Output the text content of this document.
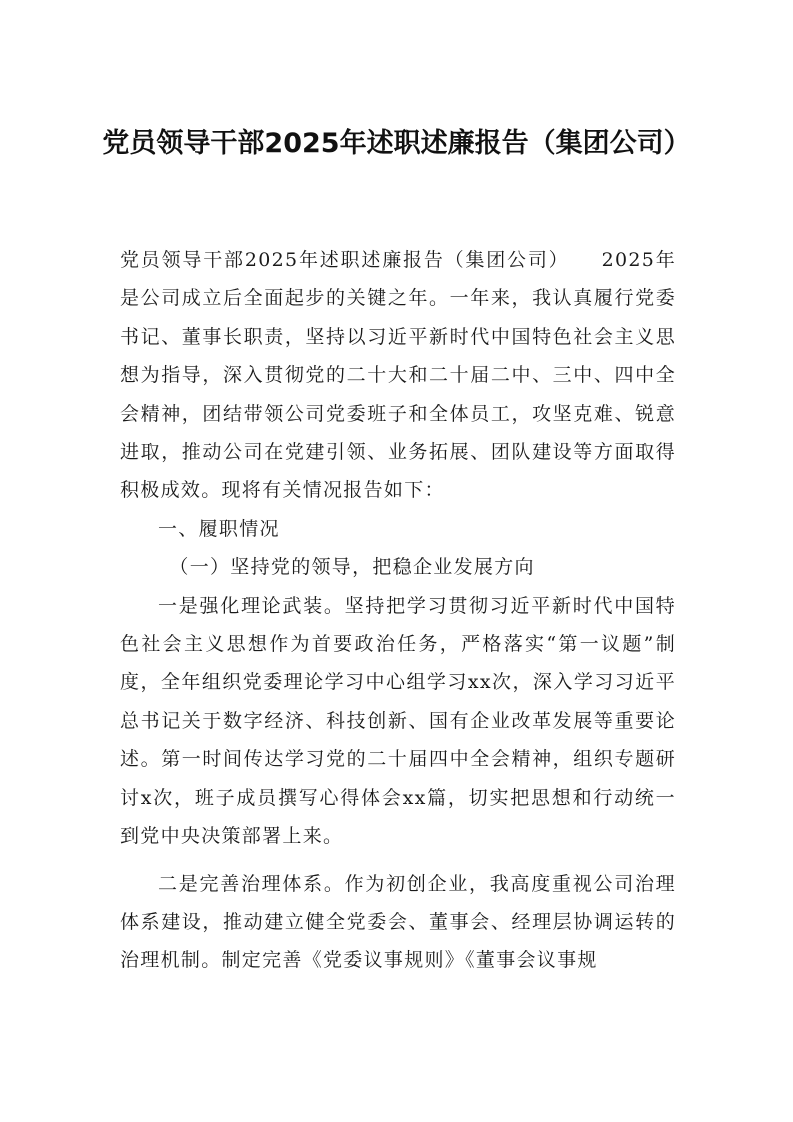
党员领导干部2025年述职述廉报告（集团公司）

党员领导干部2025年述职述廉报告（集团公司）　　2025年是公司成立后全面起步的关键之年。一年来，我认真履行党委书记、董事长职责，坚持以习近平新时代中国特色社会主义思想为指导，深入贯彻党的二十大和二十届二中、三中、四中全会精神，团结带领公司党委班子和全体员工，攻坚克难、锐意进取，推动公司在党建引领、业务拓展、团队建设等方面取得积极成效。现将有关情况报告如下：

一、履职情况

（一）坚持党的领导，把稳企业发展方向

一是强化理论武装。坚持把学习贯彻习近平新时代中国特色社会主义思想作为首要政治任务，严格落实“第一议题”制度，全年组织党委理论学习中心组学习xx次，深入学习习近平总书记关于数字经济、科技创新、国有企业改革发展等重要论述。第一时间传达学习党的二十届四中全会精神，组织专题研讨x次，班子成员撰写心得体会xx篇，切实把思想和行动统一到党中央决策部署上来。

二是完善治理体系。作为初创企业，我高度重视公司治理体系建设，推动建立健全党委会、董事会、经理层协调运转的治理机制。制定完善《党委议事规则》《董事会议事规
